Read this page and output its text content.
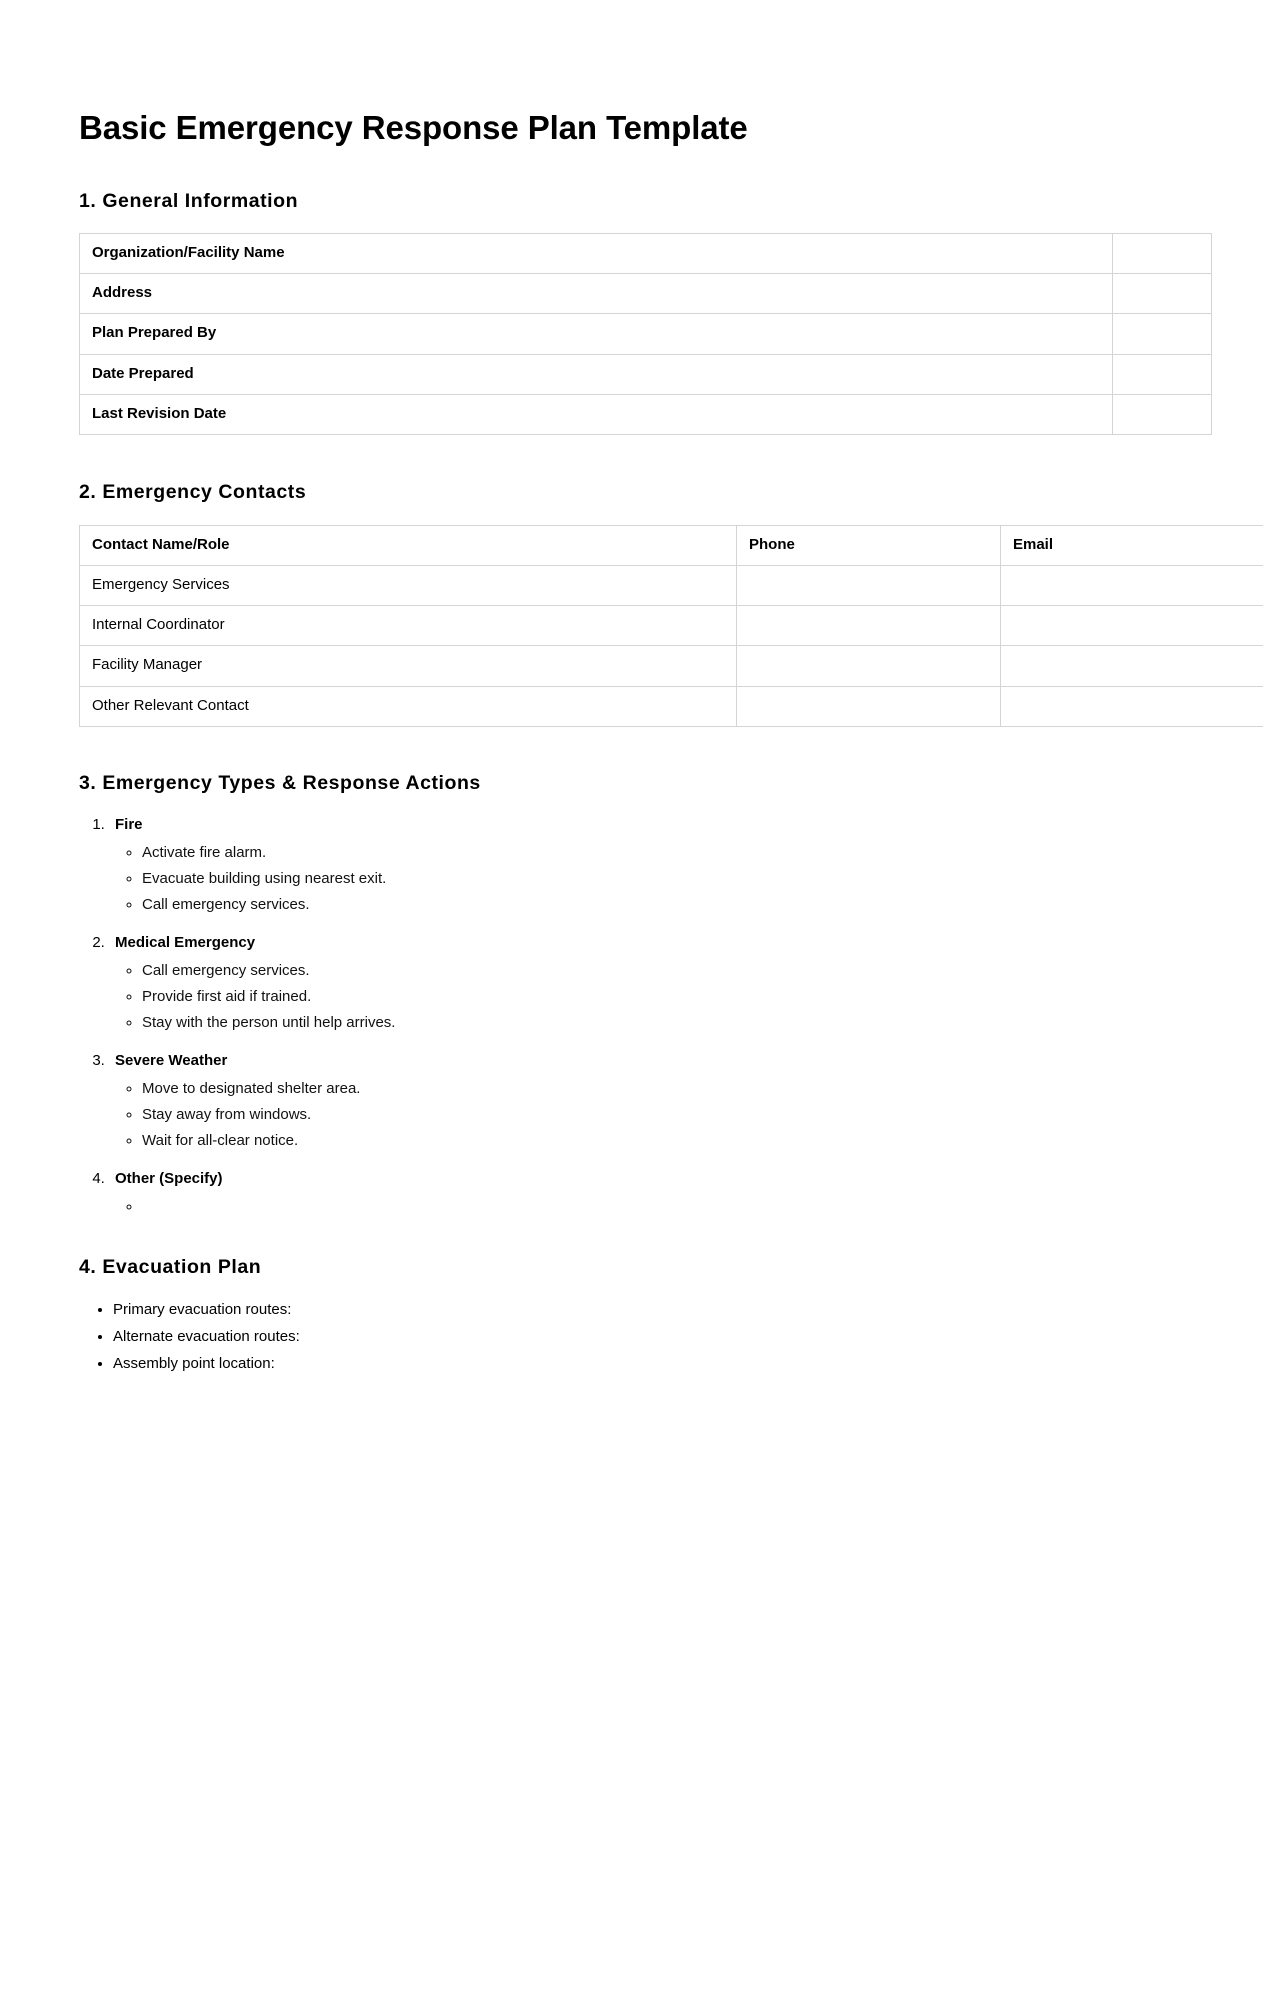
Basic Emergency Response Plan Template
1. General Information
Organization/Facility Name	
Address	
Plan Prepared By	
Date Prepared	
Last Revision Date	
2. Emergency Contacts
Contact Name/Role	Phone	Email
Emergency Services		
Internal Coordinator		
Facility Manager		
Other Relevant Contact		
3. Emergency Types & Response Actions
1. Fire
◦ Activate fire alarm.
◦ Evacuate building using nearest exit.
◦ Call emergency services.
2. Medical Emergency
◦ Call emergency services.
◦ Provide first aid if trained.
◦ Stay with the person until help arrives.
3. Severe Weather
◦ Move to designated shelter area.
◦ Stay away from windows.
◦ Wait for all-clear notice.
4. Other (Specify)
◦
4. Evacuation Plan
• Primary evacuation routes:
• Alternate evacuation routes:
• Assembly point location:
